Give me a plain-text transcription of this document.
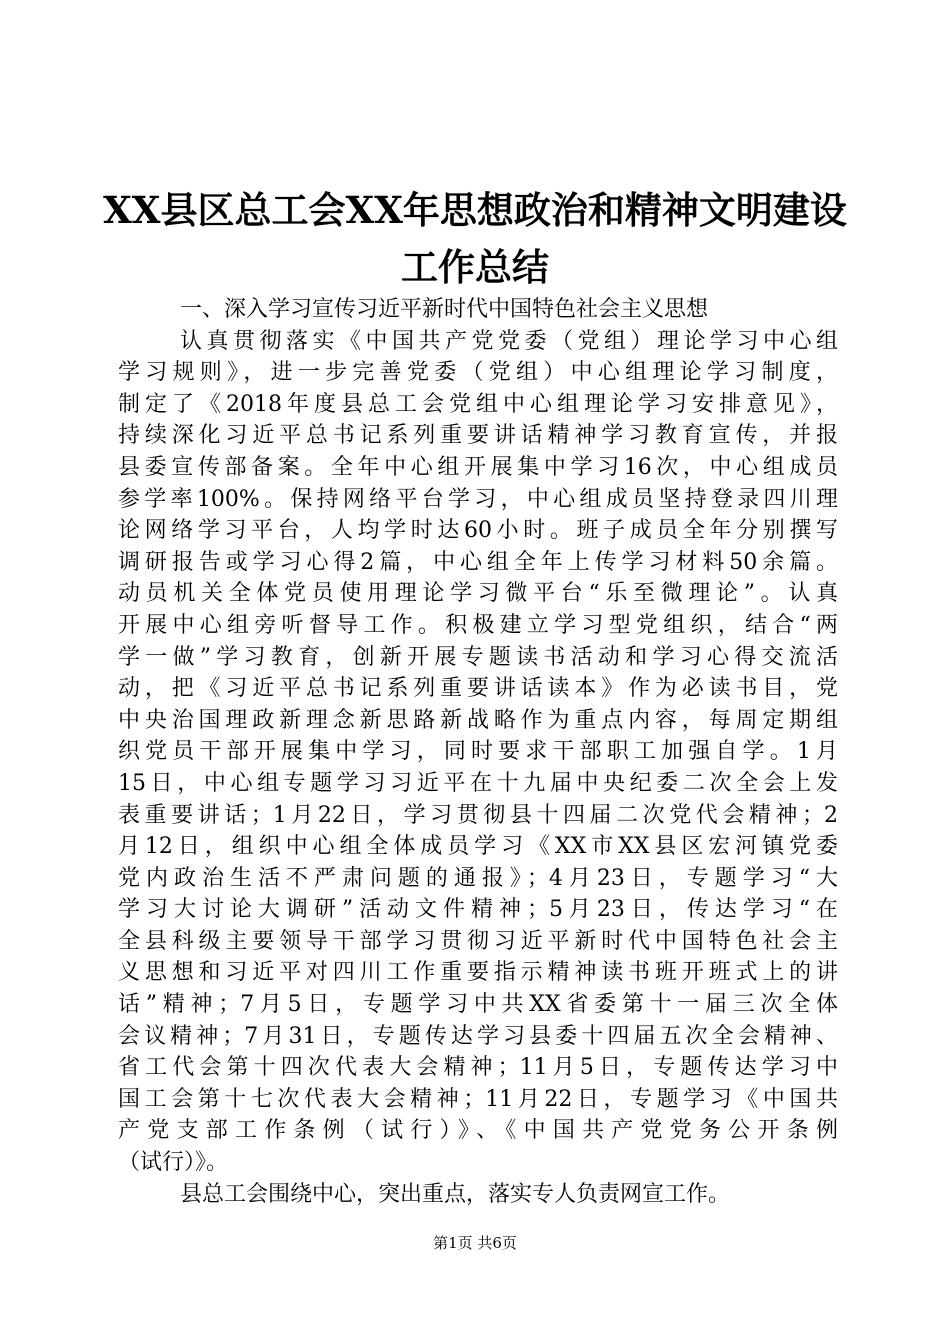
XX县区总工会XX年思想政治和精神文明建设
工作总结
一、深入学习宣传习近平新时代中国特色社会主义思想
认真贯彻落实《中国共产党党委（党组）理论学习中心组
学习规则》，进一步完善党委（党组）中心组理论学习制度，
制定了《2018年度县总工会党组中心组理论学习安排意见》，
持续深化习近平总书记系列重要讲话精神学习教育宣传，并报
县委宣传部备案。全年中心组开展集中学习16次，中心组成员
参学率100%。保持网络平台学习，中心组成员坚持登录四川理
论网络学习平台，人均学时达60小时。班子成员全年分别撰写
调研报告或学习心得2篇，中心组全年上传学习材料50余篇。
动员机关全体党员使用理论学习微平台“乐至微理论”。认真
开展中心组旁听督导工作。积极建立学习型党组织，结合“两
学一做”学习教育，创新开展专题读书活动和学习心得交流活
动，把《习近平总书记系列重要讲话读本》作为必读书目，党
中央治国理政新理念新思路新战略作为重点内容，每周定期组
织党员干部开展集中学习，同时要求干部职工加强自学。1月
15日，中心组专题学习习近平在十九届中央纪委二次全会上发
表重要讲话；1月22日，学习贯彻县十四届二次党代会精神；2
月12日，组织中心组全体成员学习《XX市XX县区宏河镇党委
党内政治生活不严肃问题的通报》；4月23日，专题学习“大
学习大讨论大调研”活动文件精神；5月23日，传达学习“在
全县科级主要领导干部学习贯彻习近平新时代中国特色社会主
义思想和习近平对四川工作重要指示精神读书班开班式上的讲
话”精神；7月5日，专题学习中共XX省委第十一届三次全体
会议精神；7月31日，专题传达学习县委十四届五次全会精神、
省工代会第十四次代表大会精神；11月5日，专题传达学习中
国工会第十七次代表大会精神；11月22日，专题学习《中国共
产党支部工作条例（试行）》、《中国共产党党务公开条例
（试行）》。
县总工会围绕中心，突出重点，落实专人负责网宣工作。
第1页 共6页
